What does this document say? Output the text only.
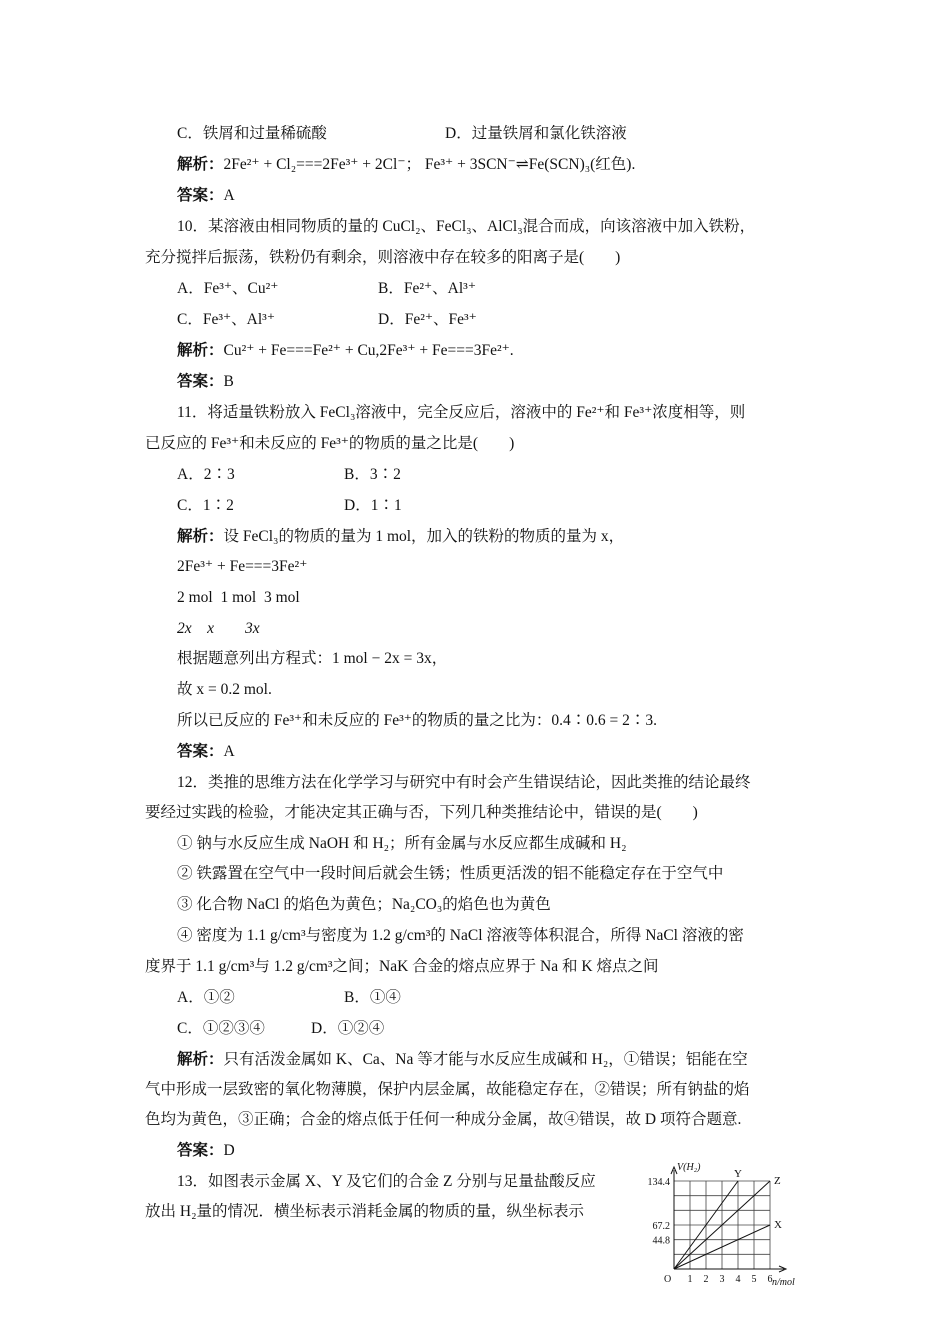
C．铁屑和过量稀硫酸	D．过量铁屑和氯化铁溶液
解析：2Fe²⁺ + Cl₂===2Fe³⁺ + 2Cl⁻； Fe³⁺ + 3SCN⁻⇌Fe(SCN)₃(红色).
答案：A
10．某溶液由相同物质的量的 CuCl₂、FeCl₃、AlCl₃混合而成，向该溶液中加入铁粉，
充分搅拌后振荡，铁粉仍有剩余，则溶液中存在较多的阳离子是(　　)
A．Fe³⁺、Cu²⁺	B．Fe²⁺、Al³⁺
C．Fe³⁺、Al³⁺	D．Fe²⁺、Fe³⁺
解析：Cu²⁺ + Fe===Fe²⁺ + Cu,2Fe³⁺ + Fe===3Fe²⁺.
答案：B
11．将适量铁粉放入 FeCl₃溶液中，完全反应后，溶液中的 Fe²⁺和 Fe³⁺浓度相等，则
已反应的 Fe³⁺和未反应的 Fe³⁺的物质的量之比是(　　)
A．2∶3	B．3∶2
C．1∶2	D．1∶1
解析：设 FeCl₃的物质的量为 1 mol，加入的铁粉的物质的量为 x，
2Fe³⁺ + Fe===3Fe²⁺
2 mol  1 mol  3 mol
2x    x        3x
根据题意列出方程式：1 mol − 2x = 3x，
故 x = 0.2 mol.
所以已反应的 Fe³⁺和未反应的 Fe³⁺的物质的量之比为：0.4∶0.6 = 2∶3.
答案：A
12．类推的思维方法在化学学习与研究中有时会产生错误结论，因此类推的结论最终
要经过实践的检验，才能决定其正确与否，下列几种类推结论中，错误的是(　　)
① 钠与水反应生成 NaOH 和 H₂；所有金属与水反应都生成碱和 H₂
② 铁露置在空气中一段时间后就会生锈；性质更活泼的铝不能稳定存在于空气中
③ 化合物 NaCl 的焰色为黄色；Na₂CO₃的焰色也为黄色
④ 密度为 1.1 g/cm³与密度为 1.2 g/cm³的 NaCl 溶液等体积混合，所得 NaCl 溶液的密
度界于 1.1 g/cm³与 1.2 g/cm³之间；NaK 合金的熔点应界于 Na 和 K 熔点之间
A．①②	B．①④
C．①②③④	D．①②④
解析：只有活泼金属如 K、Ca、Na 等才能与水反应生成碱和 H₂，①错误；铝能在空
气中形成一层致密的氧化物薄膜，保护内层金属，故能稳定存在，②错误；所有钠盐的焰
色均为黄色，③正确；合金的熔点低于任何一种成分金属，故④错误，故 D 项符合题意.
答案：D
13．如图表示金属 X、Y 及它们的合金 Z 分别与足量盐酸反应
放出 H₂量的情况．横坐标表示消耗金属的物质的量，纵坐标表示
Y
Z
X
44.8
67.2
134.4
1 2 3 4 5 6
O
V(H₂)
n/mol
